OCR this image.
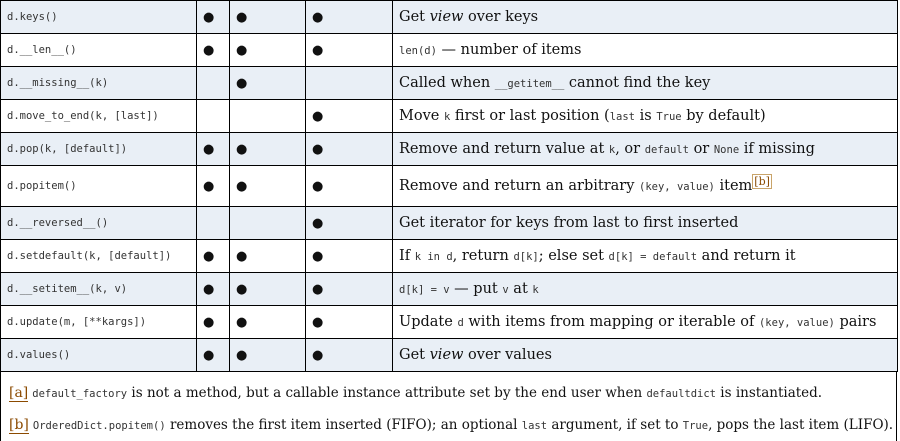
d.keys()	●	●	●	Get view over keys
d.__len__()	●	●	●	len(d) — number of items
d.__missing__(k)		●		Called when __getitem__ cannot find the key
d.move_to_end(k, [last])			●	Move k first or last position (last is True by default)
d.pop(k, [default])	●	●	●	Remove and return value at k, or default or None if missing
d.popitem()	●	●	●	Remove and return an arbitrary (key, value) item [b]
d.__reversed__()			●	Get iterator for keys from last to first inserted
d.setdefault(k, [default])	●	●	●	If k in d, return d[k]; else set d[k] = default and return it
d.__setitem__(k, v)	●	●	●	d[k] = v — put v at k
d.update(m, [**kargs])	●	●	●	Update d with items from mapping or iterable of (key, value) pairs
d.values()	●	●	●	Get view over values
[a] default_factory is not a method, but a callable instance attribute set by the end user when defaultdict is instantiated.
[b] OrderedDict.popitem() removes the first item inserted (FIFO); an optional last argument, if set to True, pops the last item (LIFO).
